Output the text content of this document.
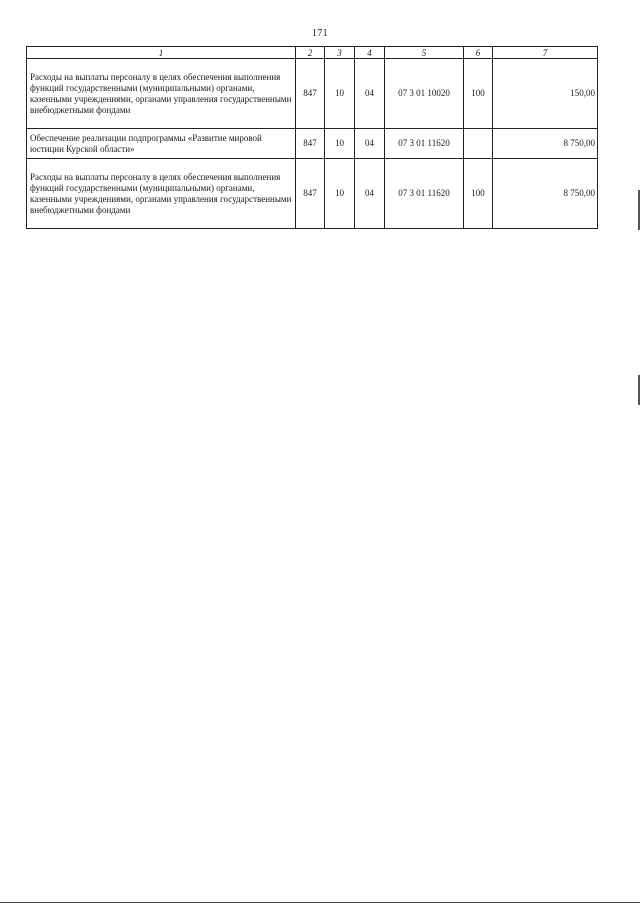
171
1	2	3	4	5	6	7
Расходы на выплаты персоналу в целях обеспечения выполнения функций государственными (муниципальными) органами, казенными учреждениями, органами управления государственными внебюджетными фондами	847	10	04	07 3 01 10020	100	150,00
Обеспечение реализации подпрограммы «Развитие мировой юстиции Курской области»	847	10	04	07 3 01 11620		8 750,00
Расходы на выплаты персоналу в целях обеспечения выполнения функций государственными (муниципальными) органами, казенными учреждениями, органами управления государственными внебюджетными фондами	847	10	04	07 3 01 11620	100	8 750,00
